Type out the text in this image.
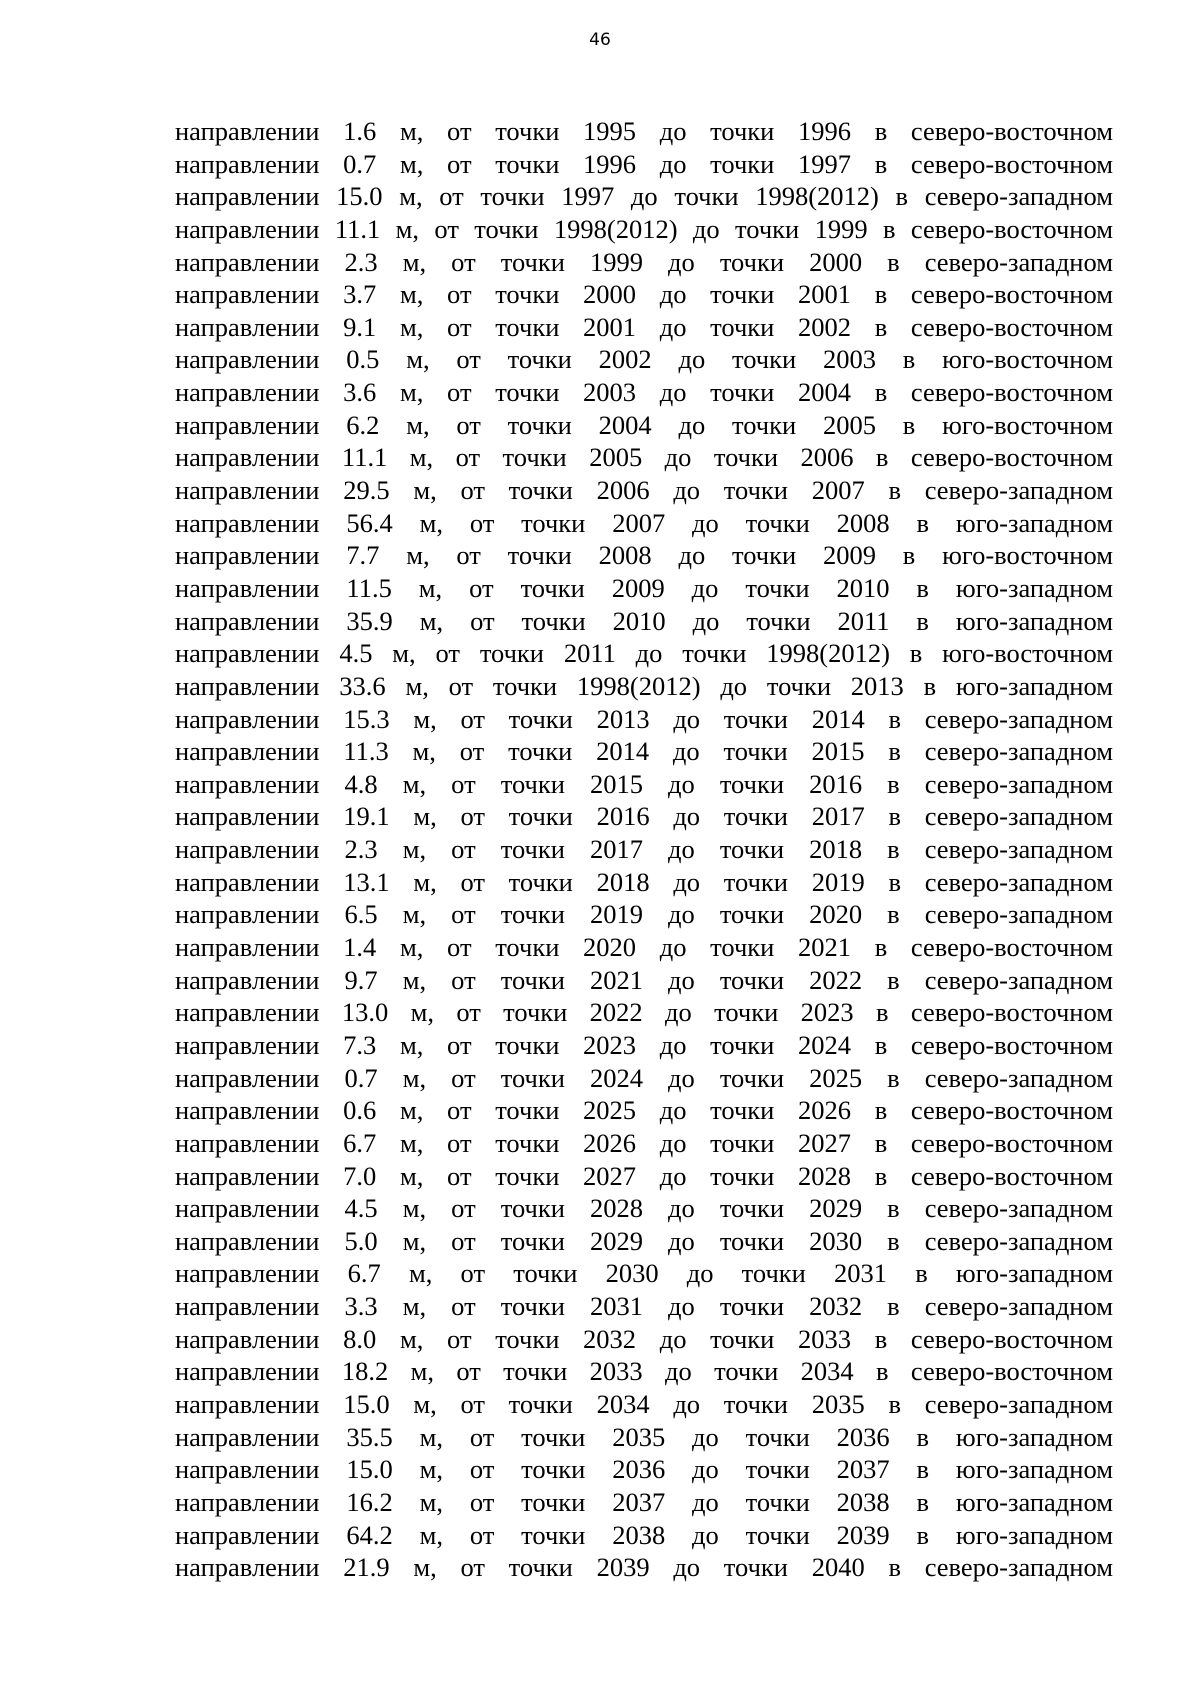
46
направлении 1.6 м, от точки 1995 до точки 1996 в северо-восточном
направлении 0.7 м, от точки 1996 до точки 1997 в северо-восточном
направлении 15.0 м, от точки 1997 до точки 1998(2012) в северо-западном
направлении 11.1 м, от точки 1998(2012) до точки 1999 в северо-восточном
направлении 2.3 м, от точки 1999 до точки 2000 в северо-западном
направлении 3.7 м, от точки 2000 до точки 2001 в северо-восточном
направлении 9.1 м, от точки 2001 до точки 2002 в северо-восточном
направлении 0.5 м, от точки 2002 до точки 2003 в юго-восточном
направлении 3.6 м, от точки 2003 до точки 2004 в северо-восточном
направлении 6.2 м, от точки 2004 до точки 2005 в юго-восточном
направлении 11.1 м, от точки 2005 до точки 2006 в северо-восточном
направлении 29.5 м, от точки 2006 до точки 2007 в северо-западном
направлении 56.4 м, от точки 2007 до точки 2008 в юго-западном
направлении 7.7 м, от точки 2008 до точки 2009 в юго-восточном
направлении 11.5 м, от точки 2009 до точки 2010 в юго-западном
направлении 35.9 м, от точки 2010 до точки 2011 в юго-западном
направлении 4.5 м, от точки 2011 до точки 1998(2012) в юго-восточном
направлении 33.6 м, от точки 1998(2012) до точки 2013 в юго-западном
направлении 15.3 м, от точки 2013 до точки 2014 в северо-западном
направлении 11.3 м, от точки 2014 до точки 2015 в северо-западном
направлении 4.8 м, от точки 2015 до точки 2016 в северо-западном
направлении 19.1 м, от точки 2016 до точки 2017 в северо-западном
направлении 2.3 м, от точки 2017 до точки 2018 в северо-западном
направлении 13.1 м, от точки 2018 до точки 2019 в северо-западном
направлении 6.5 м, от точки 2019 до точки 2020 в северо-западном
направлении 1.4 м, от точки 2020 до точки 2021 в северо-восточном
направлении 9.7 м, от точки 2021 до точки 2022 в северо-западном
направлении 13.0 м, от точки 2022 до точки 2023 в северо-восточном
направлении 7.3 м, от точки 2023 до точки 2024 в северо-восточном
направлении 0.7 м, от точки 2024 до точки 2025 в северо-западном
направлении 0.6 м, от точки 2025 до точки 2026 в северо-восточном
направлении 6.7 м, от точки 2026 до точки 2027 в северо-восточном
направлении 7.0 м, от точки 2027 до точки 2028 в северо-восточном
направлении 4.5 м, от точки 2028 до точки 2029 в северо-западном
направлении 5.0 м, от точки 2029 до точки 2030 в северо-западном
направлении 6.7 м, от точки 2030 до точки 2031 в юго-западном
направлении 3.3 м, от точки 2031 до точки 2032 в северо-западном
направлении 8.0 м, от точки 2032 до точки 2033 в северо-восточном
направлении 18.2 м, от точки 2033 до точки 2034 в северо-восточном
направлении 15.0 м, от точки 2034 до точки 2035 в северо-западном
направлении 35.5 м, от точки 2035 до точки 2036 в юго-западном
направлении 15.0 м, от точки 2036 до точки 2037 в юго-западном
направлении 16.2 м, от точки 2037 до точки 2038 в юго-западном
направлении 64.2 м, от точки 2038 до точки 2039 в юго-западном
направлении 21.9 м, от точки 2039 до точки 2040 в северо-западном
